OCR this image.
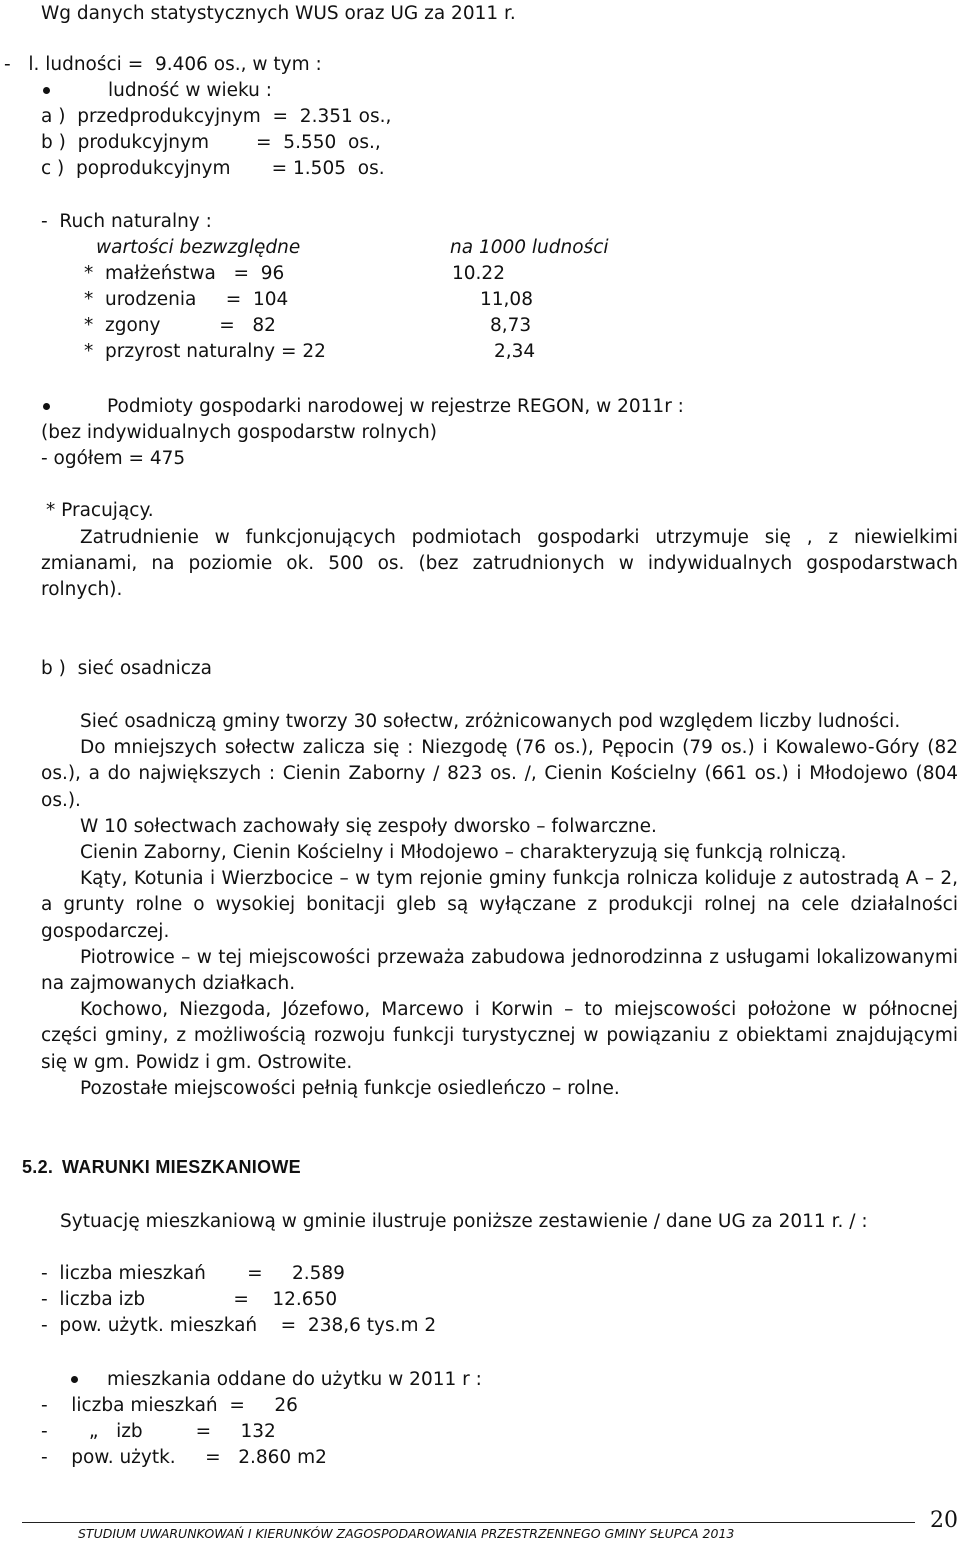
Wg danych statystycznych WUS oraz UG za 2011 r.
-   l. ludności =  9.406 os., w tym :
ludność w wieku :
a )  przedprodukcyjnym  =  2.351 os.,
b )  produkcyjnym        =  5.550  os.,
c )  poprodukcyjnym       = 1.505  os.
-  Ruch naturalny :
wartości bezwzględne	na 1000 ludności
*  małżeństwa   =  96	10.22
*  urodzenia     =  104	11,08
*  zgony          =   82	8,73
*  przyrost naturalny = 22	2,34
Podmioty gospodarki narodowej w rejestrze REGON, w 2011r :
(bez indywidualnych gospodarstw rolnych)
- ogółem = 475
* Pracujący.
Zatrudnienie w funkcjonujących podmiotach gospodarki utrzymuje się , z niewielkimi zmianami, na poziomie ok. 500 os. (bez zatrudnionych w indywidualnych gospodarstwach rolnych).
b )  sieć osadnicza

Sieć osadniczą gminy tworzy 30 sołectw, zróżnicowanych pod względem liczby ludności.

Do mniejszych sołectw zalicza się : Niezgodę (76 os.), Pępocin (79 os.) i Kowalewo-Góry (82 os.), a do największych : Cienin Zaborny / 823 os. /, Cienin Kościelny (661 os.) i Młodojewo (804 os.).

W 10 sołectwach zachowały się zespoły dworsko – folwarczne.

Cienin Zaborny, Cienin Kościelny i Młodojewo – charakteryzują się funkcją rolniczą.

Kąty, Kotunia i Wierzbocice – w tym rejonie gminy funkcja rolnicza koliduje z autostradą A – 2, a grunty rolne o wysokiej bonitacji gleb są wyłączane z produkcji rolnej na cele działalności gospodarczej.

Piotrowice – w tej miejscowości przeważa zabudowa jednorodzinna z usługami lokalizowanymi na zajmowanych działkach.

Kochowo, Niezgoda, Józefowo, Marcewo i Korwin – to miejscowości położone w północnej części gminy, z możliwością rozwoju funkcji turystycznej w powiązaniu z obiektami znajdującymi się w gm. Powidz i gm. Ostrowite.

Pozostałe miejscowości pełnią funkcje osiedleńczo – rolne.

5.2. WARUNKI MIESZKANIOWE
Sytuację mieszkaniową w gminie ilustruje poniższe zestawienie / dane UG za 2011 r. / :
-  liczba mieszkań       =     2.589
-  liczba izb               =    12.650
-  pow. użytk. mieszkań    =  238,6 tys.m 2
mieszkania oddane do użytku w 2011 r :
-    liczba mieszkań  =     26
-       „   izb         =     132
-    pow. użytk.     =   2.860 m2
STUDIUM UWARUNKOWAŃ I KIERUNKÓW ZAGOSPODAROWANIA PRZESTRZENNEGO GMINY SŁUPCA 2013
20
